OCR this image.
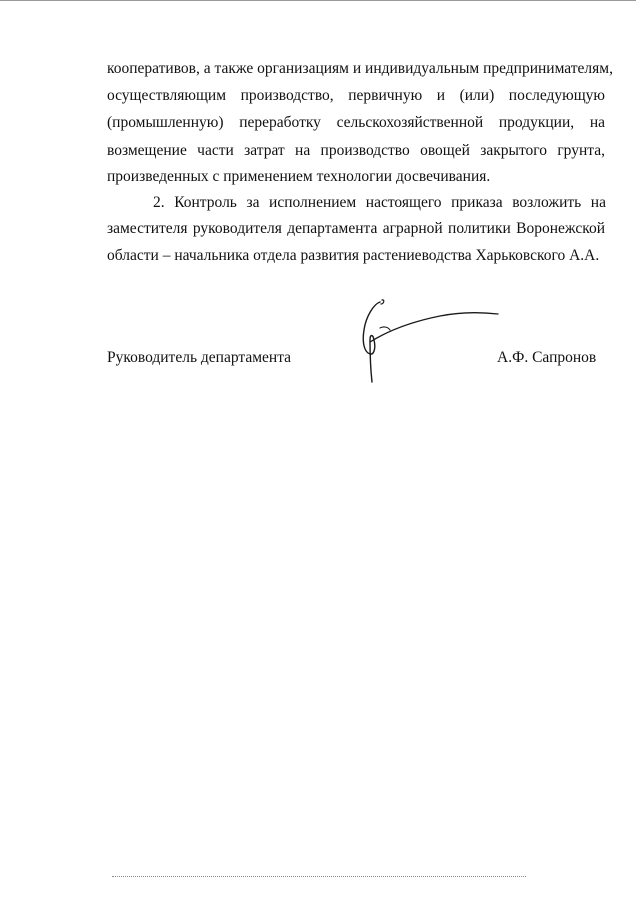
кооперативов, а также организациям и индивидуальным предпринимателям,
осуществляющим производство, первичную и (или) последующую
(промышленную) переработку сельскохозяйственной продукции, на
возмещение части затрат на производство овощей закрытого грунта,
произведенных с применением технологии досвечивания.
2. Контроль за исполнением настоящего приказа возложить на
заместителя руководителя департамента аграрной политики Воронежской
области – начальника отдела развития растениеводства Харьковского А.А.
Руководитель департамента	А.Ф. Сапронов
